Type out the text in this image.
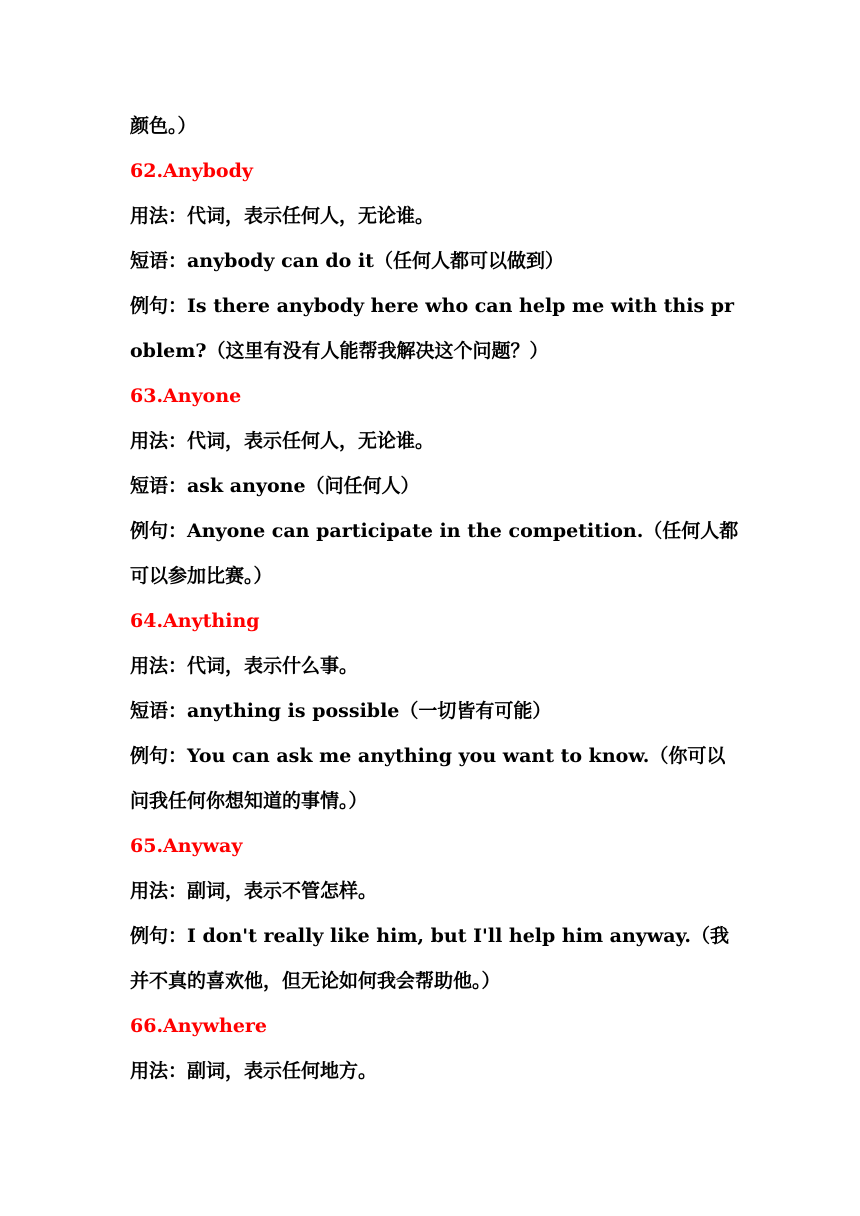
颜色。）

62.Anybody

用法：代词，表示任何人，无论谁。

短语：anybody can do it（任何人都可以做到）

例句：Is there anybody here who can help me with this problem?（这里有没有人能帮我解决这个问题？）

63.Anyone

用法：代词，表示任何人，无论谁。

短语：ask anyone（问任何人）

例句：Anyone can participate in the competition.（任何人都可以参加比赛。）

64.Anything

用法：代词，表示什么事。

短语：anything is possible（一切皆有可能）

例句：You can ask me anything you want to know.（你可以问我任何你想知道的事情。）

65.Anyway

用法：副词，表示不管怎样。

例句：I don't really like him, but I'll help him anyway.（我并不真的喜欢他，但无论如何我会帮助他。）

66.Anywhere

用法：副词，表示任何地方。
